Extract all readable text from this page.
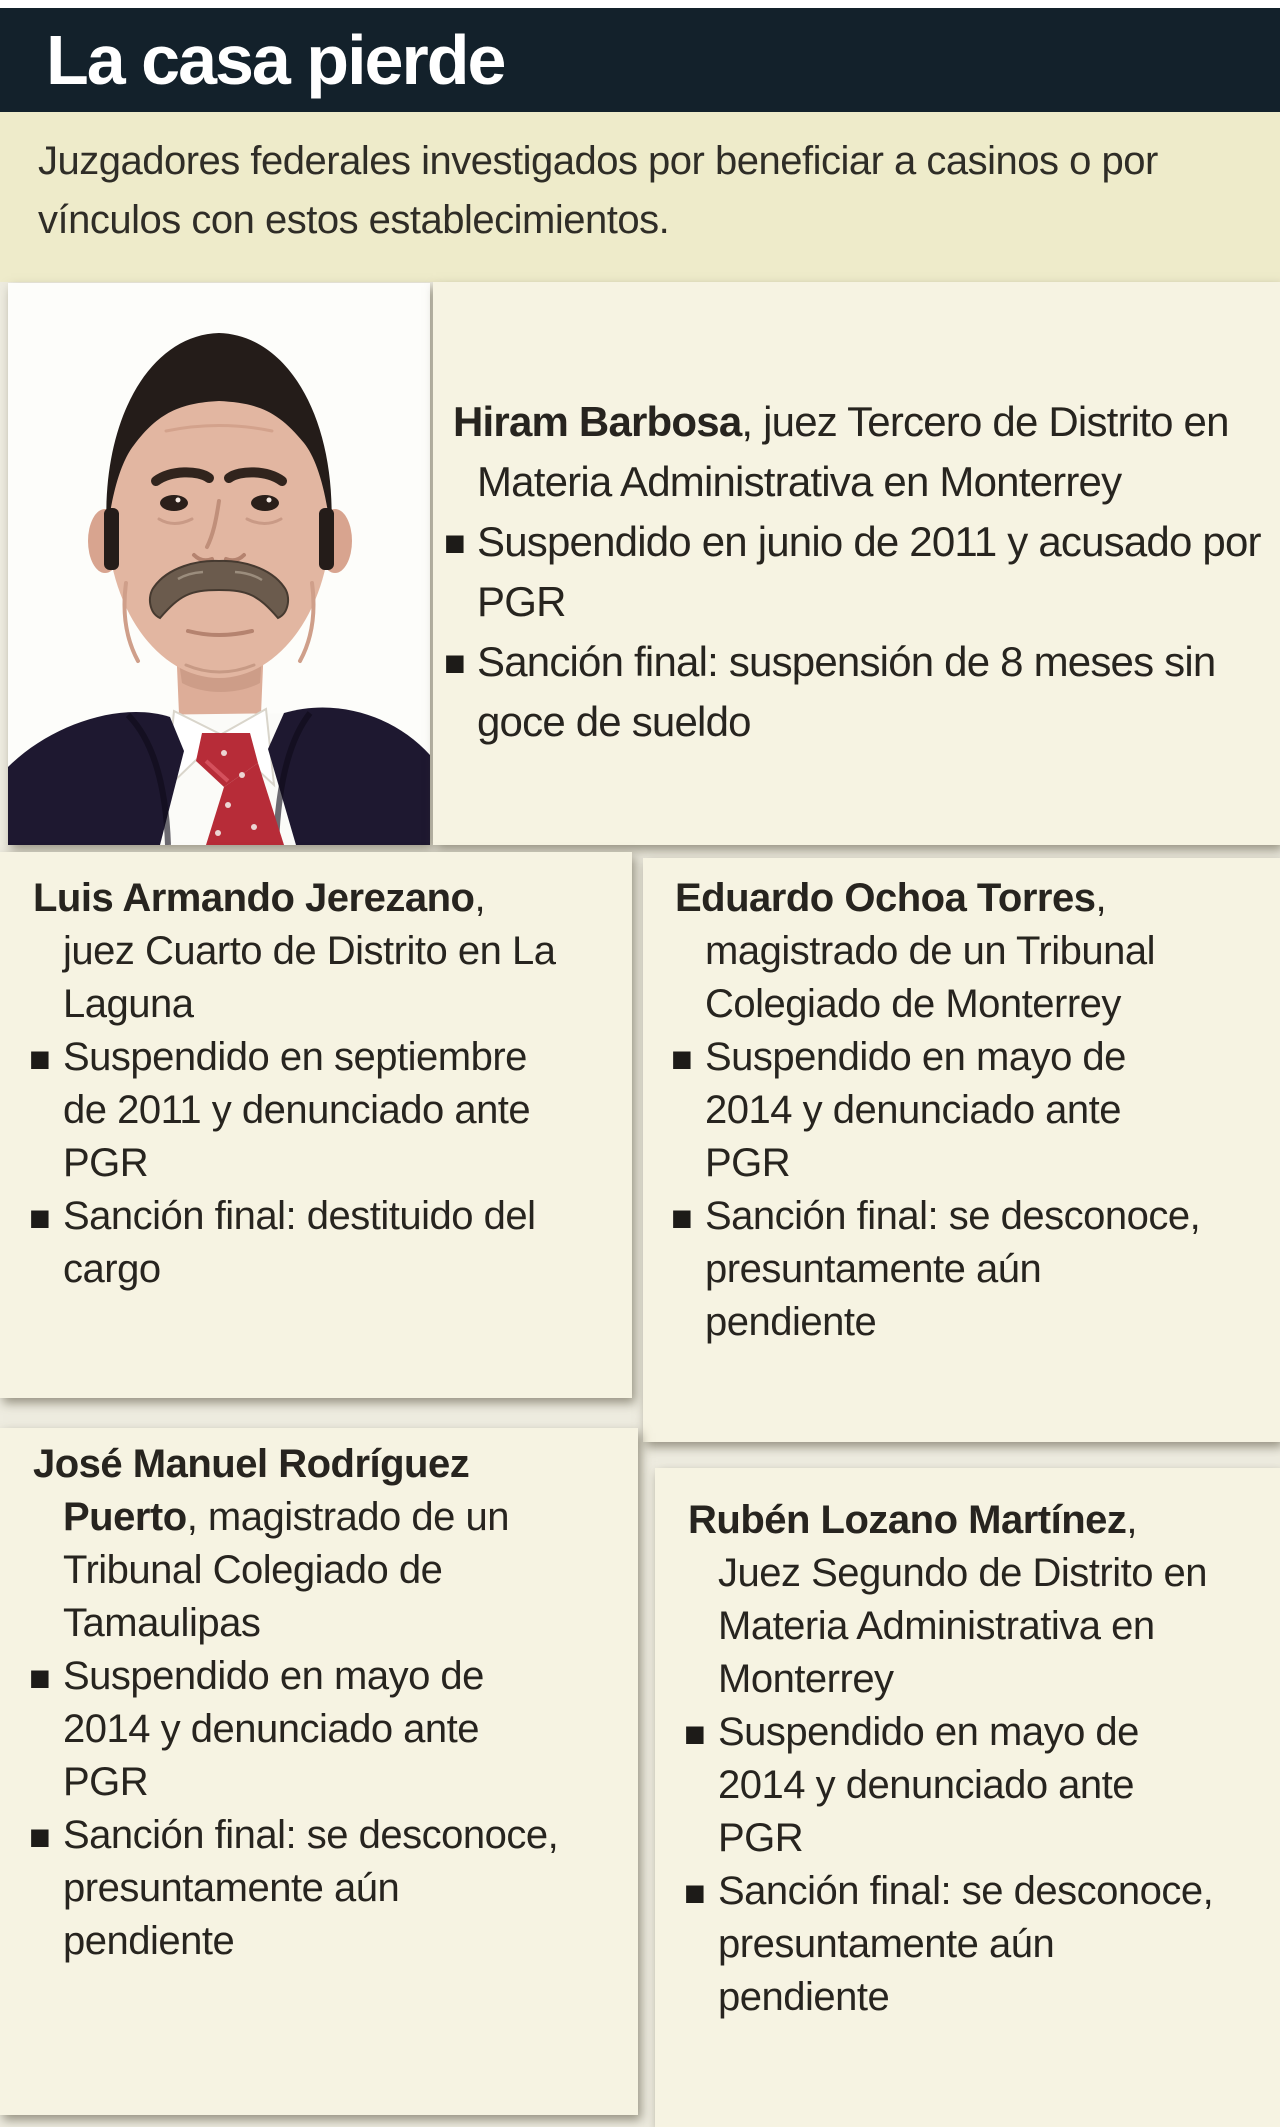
La casa pierde

Juzgadores federales investigados por beneficiar a casinos o por vínculos con estos establecimientos.

Hiram Barbosa, juez Tercero de Distrito en Materia Administrativa en Monterrey
■ Suspendido en junio de 2011 y acusado por PGR
■ Sanción final: suspensión de 8 meses sin goce de sueldo
Luis Armando Jerezano, juez Cuarto de Distrito en La Laguna
■ Suspendido en septiembre de 2011 y denunciado ante PGR
■ Sanción final: destituido del cargo
Eduardo Ochoa Torres, magistrado de un Tribunal Colegiado de Monterrey
■ Suspendido en mayo de 2014 y denunciado ante PGR
■ Sanción final: se desconoce, presuntamente aún pendiente
José Manuel Rodríguez Puerto, magistrado de un Tribunal Colegiado de Tamaulipas
■ Suspendido en mayo de 2014 y denunciado ante PGR
■ Sanción final: se desconoce, presuntamente aún pendiente
Rubén Lozano Martínez, Juez Segundo de Distrito en Materia Administrativa en Monterrey
■ Suspendido en mayo de 2014 y denunciado ante PGR
■ Sanción final: se desconoce, presuntamente aún pendiente
